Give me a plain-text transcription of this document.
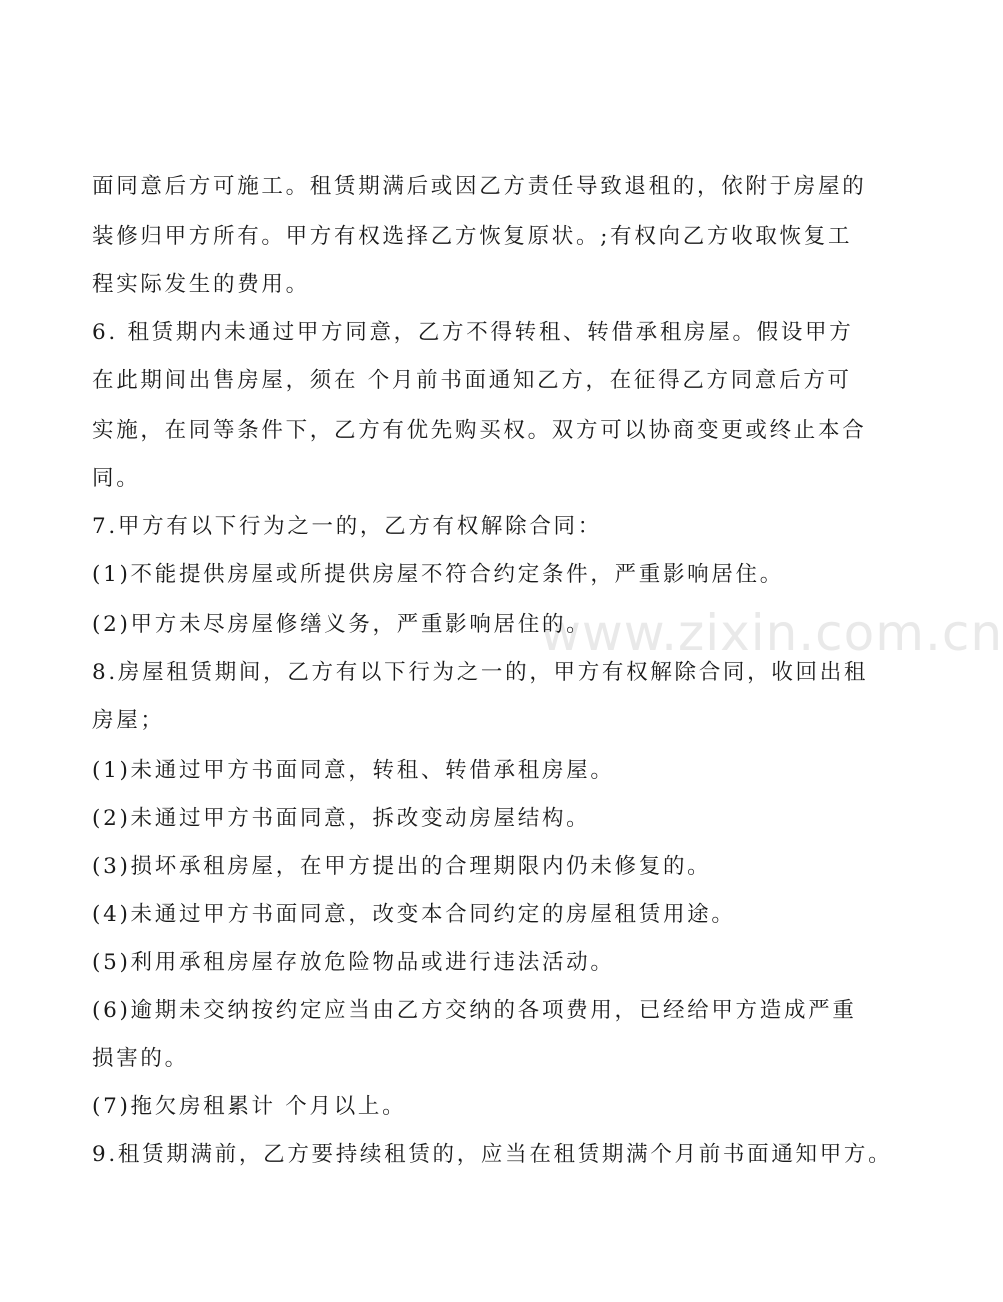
www.zixin.com.cn
面同意后方可施工。租赁期满后或因乙方责任导致退租的，依附于房屋的
装修归甲方所有。甲方有权选择乙方恢复原状。;有权向乙方收取恢复工
程实际发生的费用。
6. 租赁期内未通过甲方同意，乙方不得转租、转借承租房屋。假设甲方
在此期间出售房屋，须在 个月前书面通知乙方，在征得乙方同意后方可
实施，在同等条件下，乙方有优先购买权。双方可以协商变更或终止本合
同。
7.甲方有以下行为之一的，乙方有权解除合同：
(1)不能提供房屋或所提供房屋不符合约定条件，严重影响居住。
(2)甲方未尽房屋修缮义务，严重影响居住的。
8.房屋租赁期间，乙方有以下行为之一的，甲方有权解除合同，收回出租
房屋；
(1)未通过甲方书面同意，转租、转借承租房屋。
(2)未通过甲方书面同意，拆改变动房屋结构。
(3)损坏承租房屋，在甲方提出的合理期限内仍未修复的。
(4)未通过甲方书面同意，改变本合同约定的房屋租赁用途。
(5)利用承租房屋存放危险物品或进行违法活动。
(6)逾期未交纳按约定应当由乙方交纳的各项费用，已经给甲方造成严重
损害的。
(7)拖欠房租累计 个月以上。
9.租赁期满前，乙方要持续租赁的，应当在租赁期满个月前书面通知甲方。
